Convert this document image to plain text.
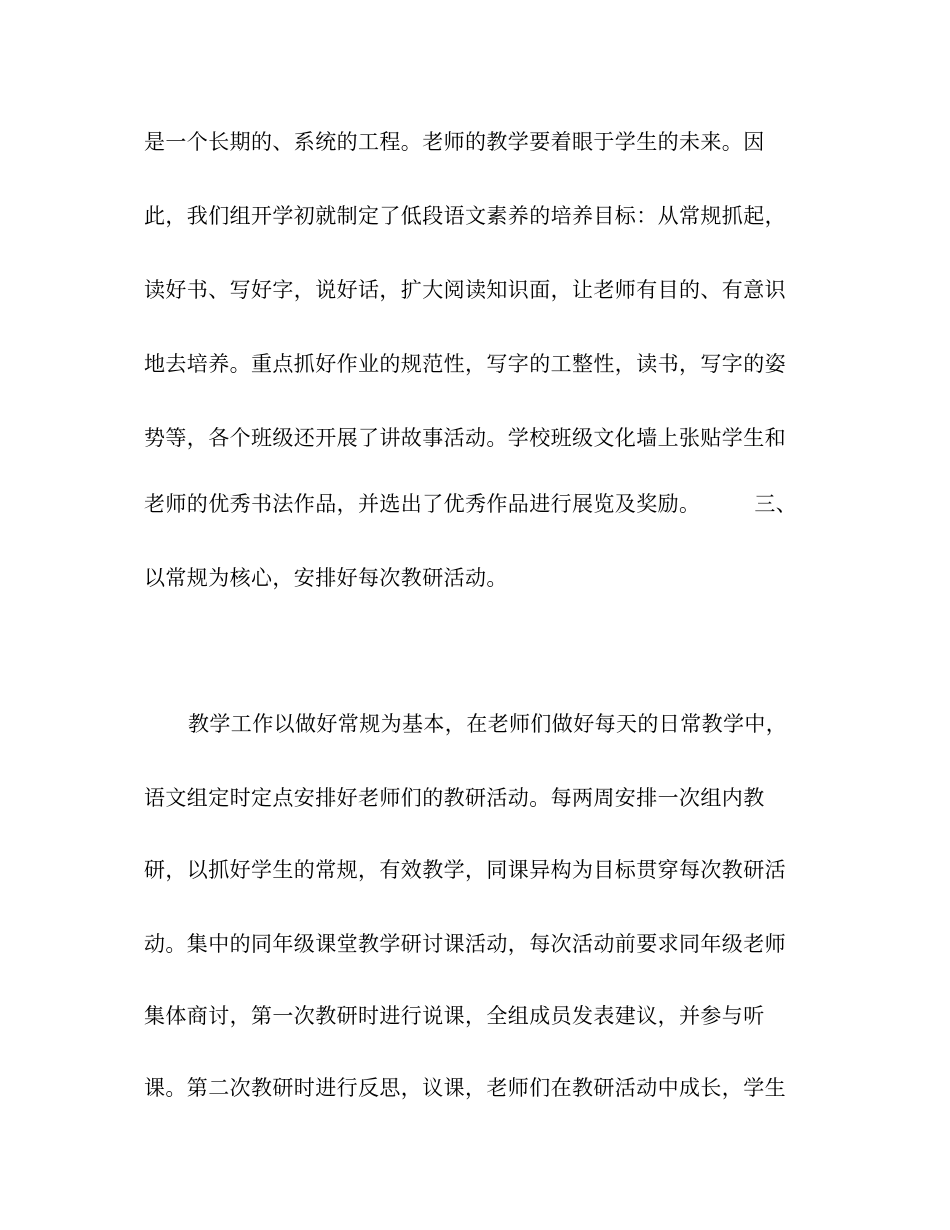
是一个长期的、系统的工程。老师的教学要着眼于学生的未来。因
此，我们组开学初就制定了低段语文素养的培养目标：从常规抓起，
读好书、写好字，说好话，扩大阅读知识面，让老师有目的、有意识
地去培养。重点抓好作业的规范性，写字的工整性，读书，写字的姿
势等，各个班级还开展了讲故事活动。学校班级文化墙上张贴学生和
老师的优秀书法作品，并选出了优秀作品进行展览及奖励。	三、
以常规为核心，安排好每次教研活动。
教学工作以做好常规为基本，在老师们做好每天的日常教学中，
语文组定时定点安排好老师们的教研活动。每两周安排一次组内教
研，以抓好学生的常规，有效教学，同课异构为目标贯穿每次教研活
动。集中的同年级课堂教学研讨课活动，每次活动前要求同年级老师
集体商讨，第一次教研时进行说课，全组成员发表建议，并参与听
课。第二次教研时进行反思，议课，老师们在教研活动中成长，学生
